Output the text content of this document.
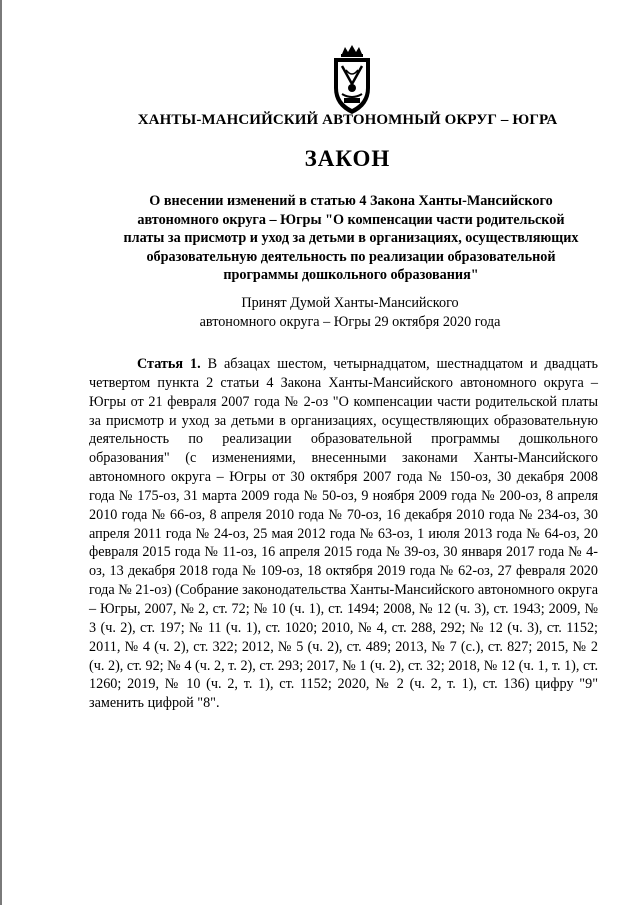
ХАНТЫ-МАНСИЙСКИЙ АВТОНОМНЫЙ ОКРУГ – ЮГРА
ЗАКОН
О внесении изменений в статью 4 Закона Ханты-Мансийского автономного округа – Югры "О компенсации части родительской платы за присмотр и уход за детьми в организациях, осуществляющих образовательную деятельность по реализации образовательной программы дошкольного образования"
Принят Думой Ханты-Мансийского
автономного округа – Югры 29 октября 2020 года

Статья 1. В абзацах шестом, четырнадцатом, шестнадцатом и двадцать четвертом пункта 2 статьи 4 Закона Ханты-Мансийского автономного округа – Югры от 21 февраля 2007 года № 2-оз "О компенсации части родительской платы за присмотр и уход за детьми в организациях, осуществляющих образовательную деятельность по реализации образовательной программы дошкольного образования" (с изменениями, внесенными законами Ханты-Мансийского автономного округа – Югры от 30 октября 2007 года № 150-оз, 30 декабря 2008 года № 175-оз, 31 марта 2009 года № 50-оз, 9 ноября 2009 года № 200-оз, 8 апреля 2010 года № 66-оз, 8 апреля 2010 года № 70-оз, 16 декабря 2010 года № 234-оз, 30 апреля 2011 года № 24-оз, 25 мая 2012 года № 63-оз, 1 июля 2013 года № 64-оз, 20 февраля 2015 года № 11-оз, 16 апреля 2015 года № 39-оз, 30 января 2017 года № 4-оз, 13 декабря 2018 года № 109-оз, 18 октября 2019 года № 62-оз, 27 февраля 2020 года № 21-оз) (Собрание законодательства Ханты-Мансийского автономного округа – Югры, 2007, № 2, ст. 72; № 10 (ч. 1), ст. 1494; 2008, № 12 (ч. 3), ст. 1943; 2009, № 3 (ч. 2), ст. 197; № 11 (ч. 1), ст. 1020; 2010, № 4, ст. 288, 292; № 12 (ч. 3), ст. 1152; 2011, № 4 (ч. 2), ст. 322; 2012, № 5 (ч. 2), ст. 489; 2013, № 7 (с.), ст. 827; 2015, № 2 (ч. 2), ст. 92; № 4 (ч. 2, т. 2), ст. 293; 2017, № 1 (ч. 2), ст. 32; 2018, № 12 (ч. 1, т. 1), ст. 1260; 2019, № 10 (ч. 2, т. 1), ст. 1152; 2020, № 2 (ч. 2, т. 1), ст. 136) цифру "9" заменить цифрой "8".
